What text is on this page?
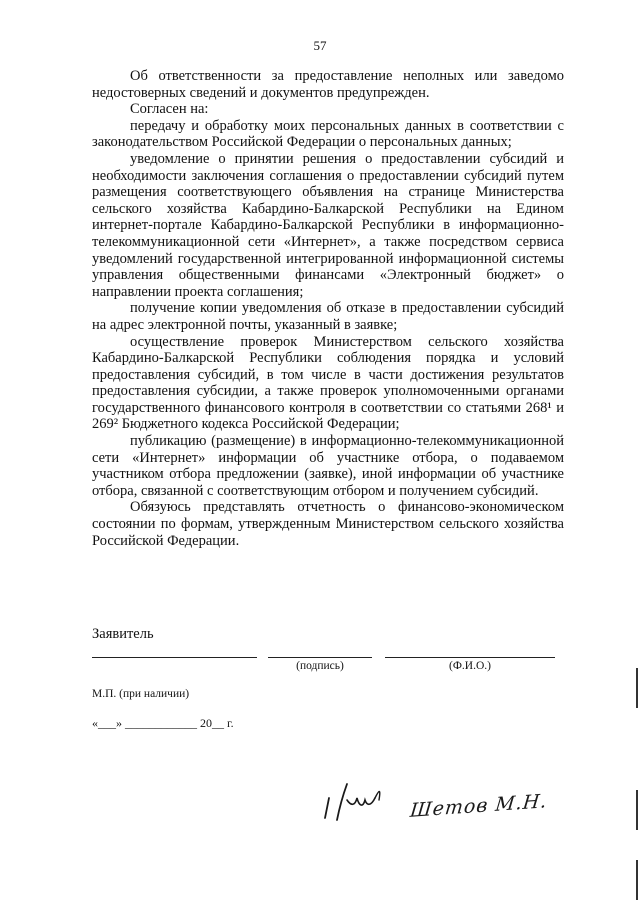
57

Об ответственности за предоставление неполных или заведомо недостоверных сведений и документов предупрежден.

Согласен на:

передачу и обработку моих персональных данных в соответствии с законодательством Российской Федерации о персональных данных;

уведомление о принятии решения о предоставлении субсидий и необходимости заключения соглашения о предоставлении субсидий путем размещения соответствующего объявления на странице Министерства сельского хозяйства Кабардино-Балкарской Республики на Едином интернет-портале Кабардино-Балкарской Республики в информационно-телекоммуникационной сети «Интернет», а также посредством сервиса уведомлений государственной интегрированной информационной системы управления общественными финансами «Электронный бюджет» о направлении проекта соглашения;

получение копии уведомления об отказе в предоставлении субсидий на адрес электронной почты, указанный в заявке;

осуществление проверок Министерством сельского хозяйства Кабардино-Балкарской Республики соблюдения порядка и условий предоставления субсидий, в том числе в части достижения результатов предоставления субсидии, а также проверок уполномоченными органами государственного финансового контроля в соответствии со статьями 268¹ и 269² Бюджетного кодекса Российской Федерации;

публикацию (размещение) в информационно-телекоммуникационной сети «Интернет» информации об участнике отбора, о подаваемом участником отбора предложении (заявке), иной информации об участнике отбора, связанной с соответствующим отбором и получением субсидий.

Обязуюсь представлять отчетность о финансово-экономическом состоянии по формам, утвержденным Министерством сельского хозяйства Российской Федерации.

Заявитель
(подпись)	(Ф.И.О.)
М.П. (при наличии)
«___» ____________ 20__ г.
Шетов М.Н.
